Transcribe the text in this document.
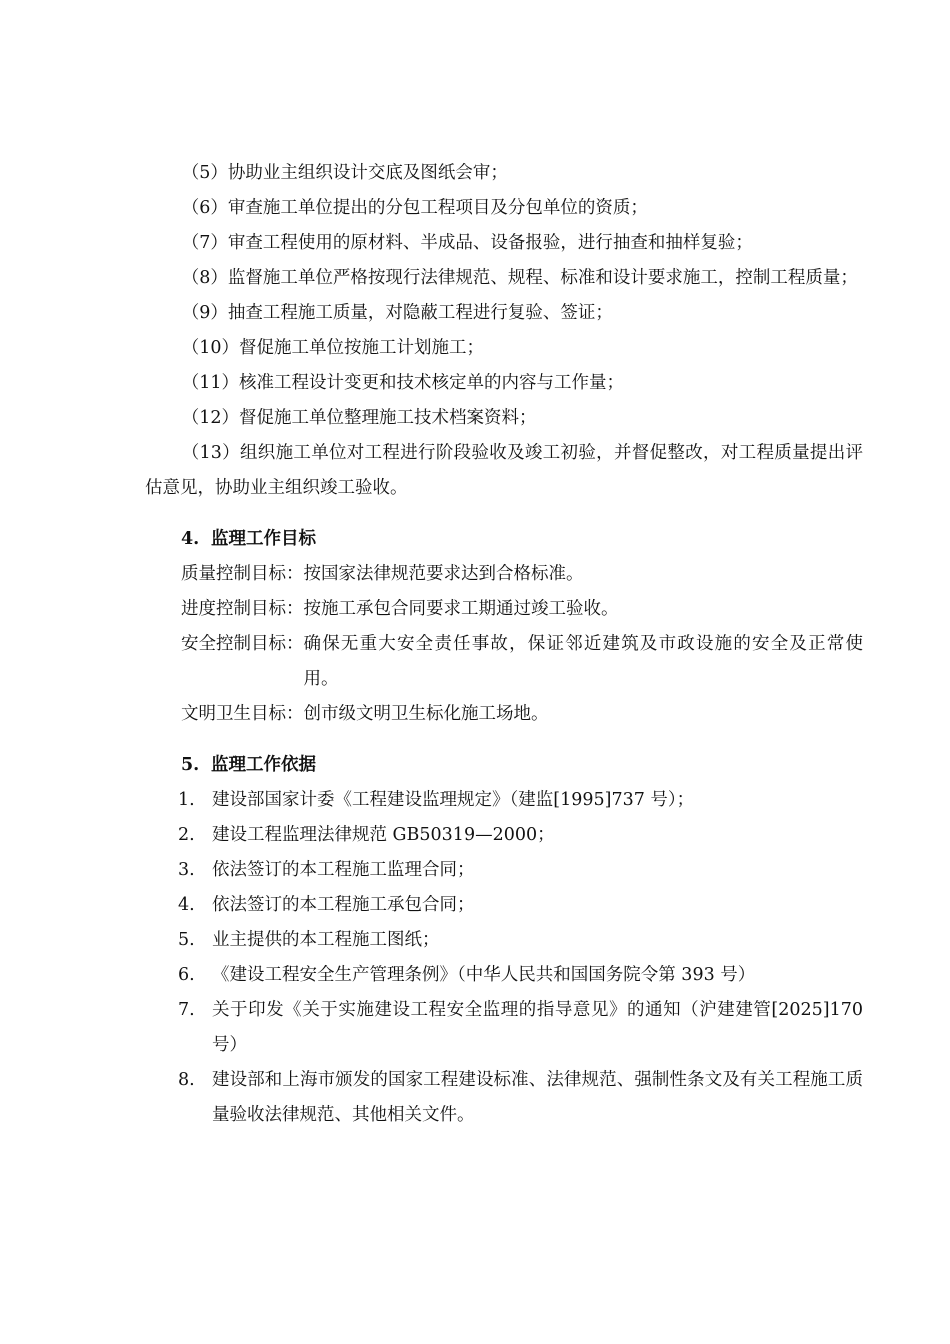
（5）协助业主组织设计交底及图纸会审；

（6）审查施工单位提出的分包工程项目及分包单位的资质；

（7）审查工程使用的原材料、半成品、设备报验，进行抽查和抽样复验；

（8）监督施工单位严格按现行法律规范、规程、标准和设计要求施工，控制工程质量；

（9）抽查工程施工质量，对隐蔽工程进行复验、签证；

（10）督促施工单位按施工计划施工；

（11）核准工程设计变更和技术核定单的内容与工作量；

（12）督促施工单位整理施工技术档案资料；

（13）组织施工单位对工程进行阶段验收及竣工初验，并督促整改，对工程质量提出评估意见，协助业主组织竣工验收。

4. 监理工作目标
质量控制目标： 按国家法律规范要求达到合格标准。
进度控制目标： 按施工承包合同要求工期通过竣工验收。
安全控制目标： 确保无重大安全责任事故，保证邻近建筑及市政设施的安全及正常使用。
文明卫生目标： 创市级文明卫生标化施工场地。
5. 监理工作依据
1. 建设部国家计委《工程建设监理规定》（建监[1995]737 号）；
2. 建设工程监理法律规范 GB50319—2000；
3. 依法签订的本工程施工监理合同；
4. 依法签订的本工程施工承包合同；
5. 业主提供的本工程施工图纸；
6. 《建设工程安全生产管理条例》（中华人民共和国国务院令第 393 号）
7. 关于印发《关于实施建设工程安全监理的指导意见》的通知（沪建建管[2025]170 号）
8. 建设部和上海市颁发的国家工程建设标准、法律规范、强制性条文及有关工程施工质量验收法律规范、其他相关文件。
